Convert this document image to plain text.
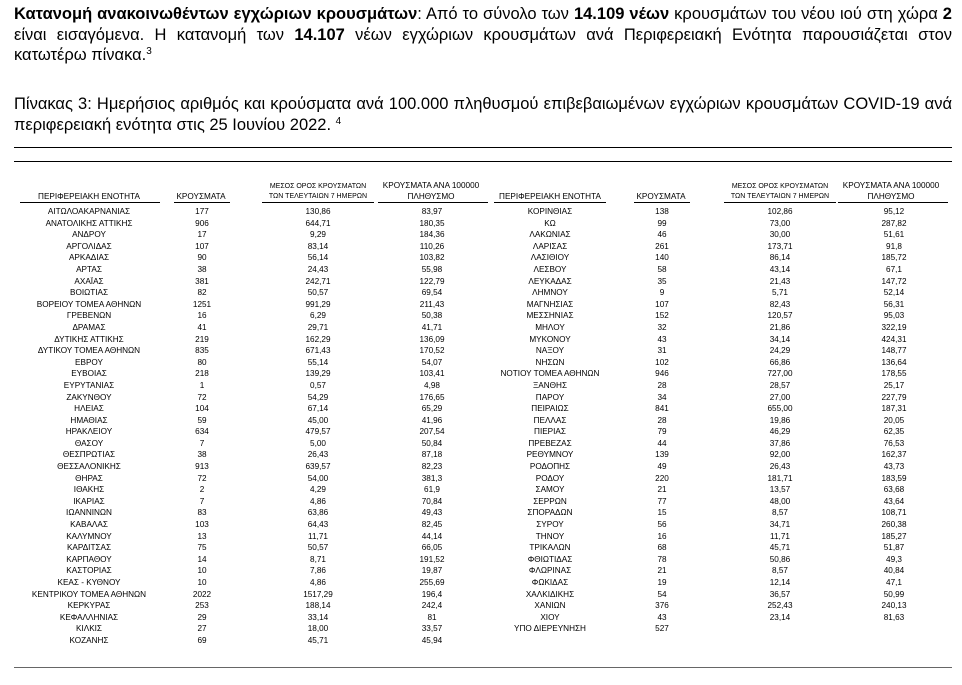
Κατανομή ανακοινωθέντων εγχώριων κρουσμάτων: Από το σύνολο των 14.109 νέων κρουσμάτων του νέου ιού στη χώρα 2 είναι εισαγόμενα. Η κατανομή των 14.107 νέων εγχώριων κρουσμάτων ανά Περιφερειακή Ενότητα παρουσιάζεται στον κατωτέρω πίνακα.$^3$
Πίνακας 3: Ημερήσιος αριθμός και κρούσματα ανά 100.000 πληθυσμού επιβεβαιωμένων εγχώριων κρουσμάτων COVID-19 ανά περιφερειακή ενότητα στις 25 Ιουνίου 2022. $^4$
ΠΕΡΙΦΕΡΕΙΑΚΗ ΕΝΟΤΗΤΑ	ΚΡΟΥΣΜΑΤΑ
ΜΕΣΟΣ ΟΡΟΣ ΚΡΟΥΣΜΑΤΩΝ
ΤΩΝ ΤΕΛΕΥΤΑΙΩΝ 7 ΗΜΕΡΩΝ
ΚΡΟΥΣΜΑΤΑ ΑΝΑ 100000
ΠΛΗΘΥΣΜΟ	ΠΕΡΙΦΕΡΕΙΑΚΗ ΕΝΟΤΗΤΑ	ΚΡΟΥΣΜΑΤΑ
ΜΕΣΟΣ ΟΡΟΣ ΚΡΟΥΣΜΑΤΩΝ
ΤΩΝ ΤΕΛΕΥΤΑΙΩΝ 7 ΗΜΕΡΩΝ
ΚΡΟΥΣΜΑΤΑ ΑΝΑ 100000
ΠΛΗΘΥΣΜΟ
ΑΙΤΩΛΟΑΚΑΡΝΑΝΙΑΣ	177	130,86	83,97
ΑΝΑΤΟΛΙΚΗΣ ΑΤΤΙΚΗΣ	906	644,71	180,35
ΑΝΔΡΟΥ	17	9,29	184,36
ΑΡΓΟΛΙΔΑΣ	107	83,14	110,26
ΑΡΚΑΔΙΑΣ	90	56,14	103,82
ΑΡΤΑΣ	38	24,43	55,98
ΑΧΑΪΑΣ	381	242,71	122,79
ΒΟΙΩΤΙΑΣ	82	50,57	69,54
ΒΟΡΕΙΟΥ ΤΟΜΕΑ ΑΘΗΝΩΝ	1251	991,29	211,43
ΓΡΕΒΕΝΩΝ	16	6,29	50,38
ΔΡΑΜΑΣ	41	29,71	41,71
ΔΥΤΙΚΗΣ ΑΤΤΙΚΗΣ	219	162,29	136,09
ΔΥΤΙΚΟΥ ΤΟΜΕΑ ΑΘΗΝΩΝ	835	671,43	170,52
ΕΒΡΟΥ	80	55,14	54,07
ΕΥΒΟΙΑΣ	218	139,29	103,41
ΕΥΡΥΤΑΝΙΑΣ	1	0,57	4,98
ΖΑΚΥΝΘΟΥ	72	54,29	176,65
ΗΛΕΙΑΣ	104	67,14	65,29
ΗΜΑΘΙΑΣ	59	45,00	41,96
ΗΡΑΚΛΕΙΟΥ	634	479,57	207,54
ΘΑΣΟΥ	7	5,00	50,84
ΘΕΣΠΡΩΤΙΑΣ	38	26,43	87,18
ΘΕΣΣΑΛΟΝΙΚΗΣ	913	639,57	82,23
ΘΗΡΑΣ	72	54,00	381,3
ΙΘΑΚΗΣ	2	4,29	61,9
ΙΚΑΡΙΑΣ	7	4,86	70,84
ΙΩΑΝΝΙΝΩΝ	83	63,86	49,43
ΚΑΒΑΛΑΣ	103	64,43	82,45
ΚΑΛΥΜΝΟΥ	13	11,71	44,14
ΚΑΡΔΙΤΣΑΣ	75	50,57	66,05
ΚΑΡΠΑΘΟΥ	14	8,71	191,52
ΚΑΣΤΟΡΙΑΣ	10	7,86	19,87
ΚΕΑΣ - ΚΥΘΝΟΥ	10	4,86	255,69
ΚΕΝΤΡΙΚΟΥ ΤΟΜΕΑ ΑΘΗΝΩΝ	2022	1517,29	196,4
ΚΕΡΚΥΡΑΣ	253	188,14	242,4
ΚΕΦΑΛΛΗΝΙΑΣ	29	33,14	81
ΚΙΛΚΙΣ	27	18,00	33,57
ΚΟΖΑΝΗΣ	69	45,71	45,94
ΚΟΡΙΝΘΙΑΣ	138	102,86	95,12
ΚΩ	99	73,00	287,82
ΛΑΚΩΝΙΑΣ	46	30,00	51,61
ΛΑΡΙΣΑΣ	261	173,71	91,8
ΛΑΣΙΘΙΟΥ	140	86,14	185,72
ΛΕΣΒΟΥ	58	43,14	67,1
ΛΕΥΚΑΔΑΣ	35	21,43	147,72
ΛΗΜΝΟΥ	9	5,71	52,14
ΜΑΓΝΗΣΙΑΣ	107	82,43	56,31
ΜΕΣΣΗΝΙΑΣ	152	120,57	95,03
ΜΗΛΟΥ	32	21,86	322,19
ΜΥΚΟΝΟΥ	43	34,14	424,31
ΝΑΞΟΥ	31	24,29	148,77
ΝΗΣΩΝ	102	66,86	136,64
ΝΟΤΙΟΥ ΤΟΜΕΑ ΑΘΗΝΩΝ	946	727,00	178,55
ΞΑΝΘΗΣ	28	28,57	25,17
ΠΑΡΟΥ	34	27,00	227,79
ΠΕΙΡΑΙΩΣ	841	655,00	187,31
ΠΕΛΛΑΣ	28	19,86	20,05
ΠΙΕΡΙΑΣ	79	46,29	62,35
ΠΡΕΒΕΖΑΣ	44	37,86	76,53
ΡΕΘΥΜΝΟΥ	139	92,00	162,37
ΡΟΔΟΠΗΣ	49	26,43	43,73
ΡΟΔΟΥ	220	181,71	183,59
ΣΑΜΟΥ	21	13,57	63,68
ΣΕΡΡΩΝ	77	48,00	43,64
ΣΠΟΡΑΔΩΝ	15	8,57	108,71
ΣΥΡΟΥ	56	34,71	260,38
ΤΗΝΟΥ	16	11,71	185,27
ΤΡΙΚΑΛΩΝ	68	45,71	51,87
ΦΘΙΩΤΙΔΑΣ	78	50,86	49,3
ΦΛΩΡΙΝΑΣ	21	8,57	40,84
ΦΩΚΙΔΑΣ	19	12,14	47,1
ΧΑΛΚΙΔΙΚΗΣ	54	36,57	50,99
ΧΑΝΙΩΝ	376	252,43	240,13
ΧΙΟΥ	43	23,14	81,63
ΥΠΟ ΔΙΕΡΕΥΝΗΣΗ	527
